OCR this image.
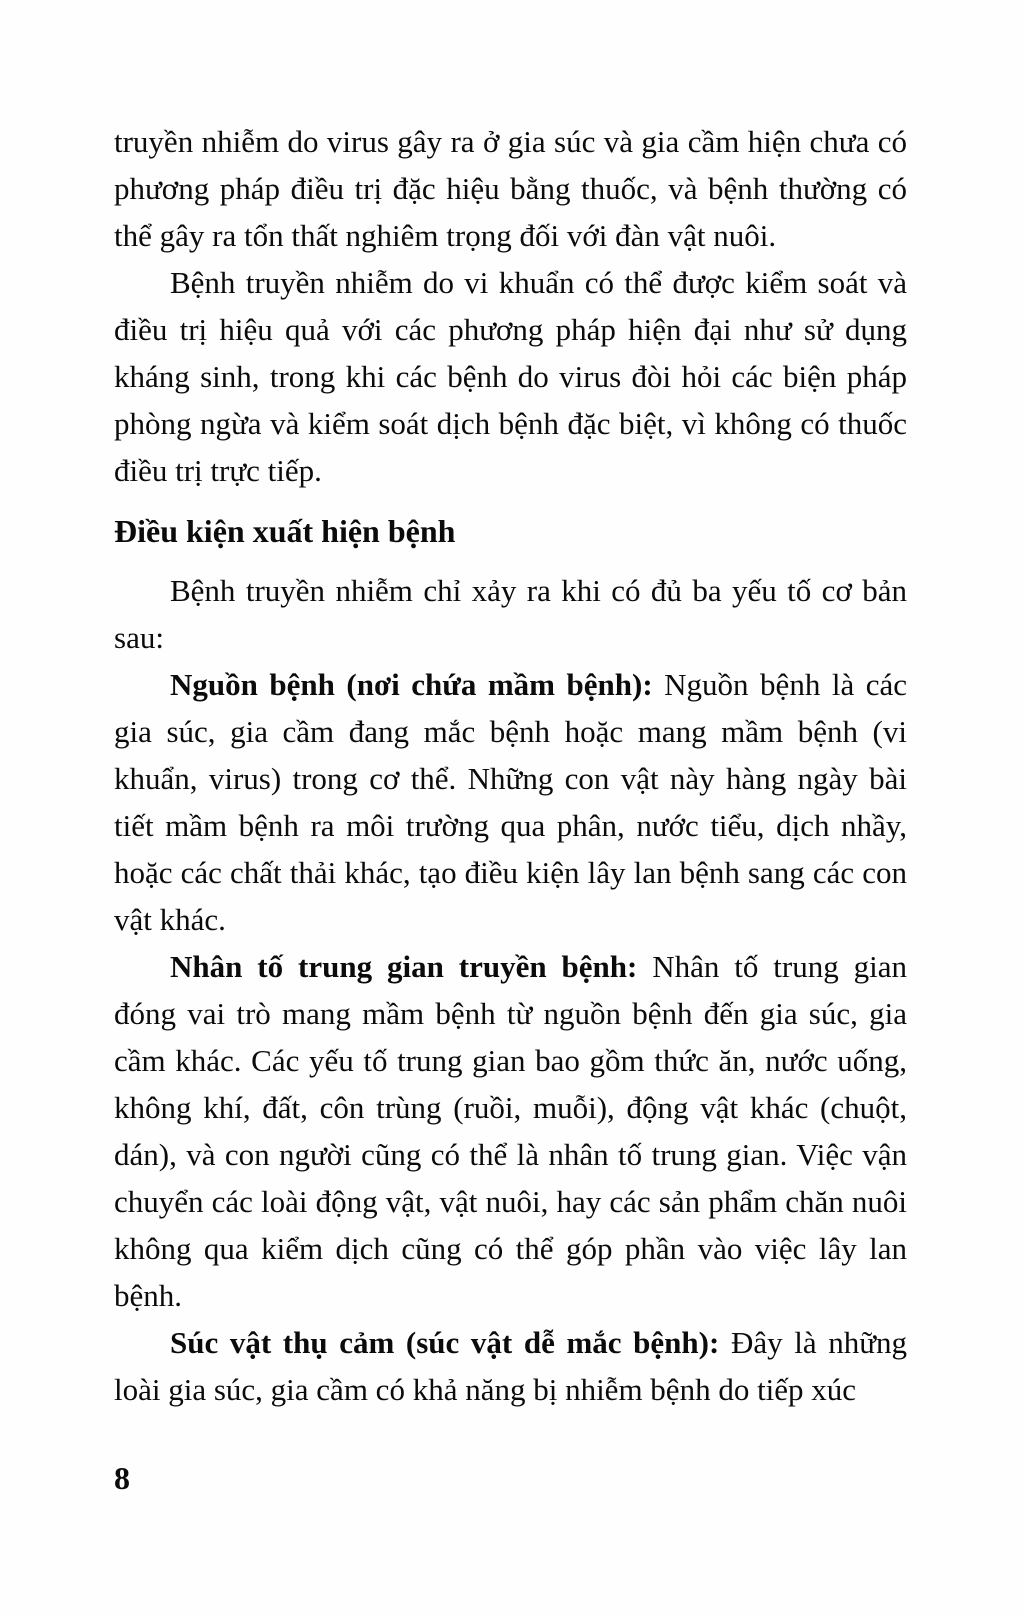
truyền nhiễm do virus gây ra ở gia súc và gia cầm hiện chưa có phương pháp điều trị đặc hiệu bằng thuốc, và bệnh thường có thể gây ra tổn thất nghiêm trọng đối với đàn vật nuôi.

Bệnh truyền nhiễm do vi khuẩn có thể được kiểm soát và điều trị hiệu quả với các phương pháp hiện đại như sử dụng kháng sinh, trong khi các bệnh do virus đòi hỏi các biện pháp phòng ngừa và kiểm soát dịch bệnh đặc biệt, vì không có thuốc điều trị trực tiếp.

Điều kiện xuất hiện bệnh

Bệnh truyền nhiễm chỉ xảy ra khi có đủ ba yếu tố cơ bản sau:

Nguồn bệnh (nơi chứa mầm bệnh): Nguồn bệnh là các gia súc, gia cầm đang mắc bệnh hoặc mang mầm bệnh (vi khuẩn, virus) trong cơ thể. Những con vật này hàng ngày bài tiết mầm bệnh ra môi trường qua phân, nước tiểu, dịch nhầy, hoặc các chất thải khác, tạo điều kiện lây lan bệnh sang các con vật khác.

Nhân tố trung gian truyền bệnh: Nhân tố trung gian đóng vai trò mang mầm bệnh từ nguồn bệnh đến gia súc, gia cầm khác. Các yếu tố trung gian bao gồm thức ăn, nước uống, không khí, đất, côn trùng (ruồi, muỗi), động vật khác (chuột, dán), và con người cũng có thể là nhân tố trung gian. Việc vận chuyển các loài động vật, vật nuôi, hay các sản phẩm chăn nuôi không qua kiểm dịch cũng có thể góp phần vào việc lây lan bệnh.

Súc vật thụ cảm (súc vật dễ mắc bệnh): Đây là những loài gia súc, gia cầm có khả năng bị nhiễm bệnh do tiếp xúc

8
